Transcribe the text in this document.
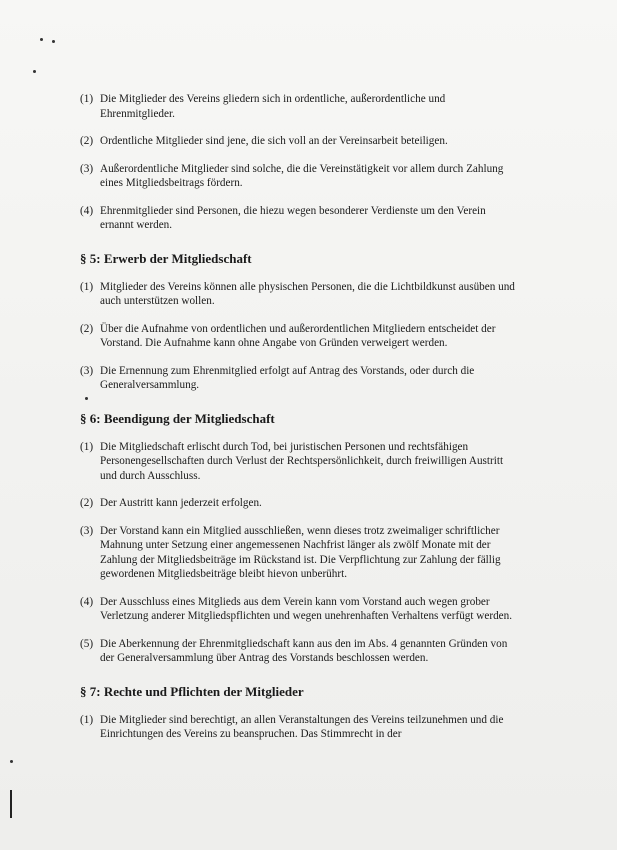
(1) Die Mitglieder des Vereins gliedern sich in ordentliche, außerordentliche und Ehrenmitglieder.
(2) Ordentliche Mitglieder sind jene, die sich voll an der Vereinsarbeit beteiligen.
(3) Außerordentliche Mitglieder sind solche, die die Vereinstätigkeit vor allem durch Zahlung eines Mitgliedsbeitrags fördern.
(4) Ehrenmitglieder sind Personen, die hiezu wegen besonderer Verdienste um den Verein ernannt werden.
§ 5: Erwerb der Mitgliedschaft
(1) Mitglieder des Vereins können alle physischen Personen, die die Lichtbildkunst ausüben und auch unterstützen wollen.
(2) Über die Aufnahme von ordentlichen und außerordentlichen Mitgliedern entscheidet der Vorstand. Die Aufnahme kann ohne Angabe von Gründen verweigert werden.
(3) Die Ernennung zum Ehrenmitglied erfolgt auf Antrag des Vorstands, oder durch die Generalversammlung.
§ 6: Beendigung der Mitgliedschaft
(1) Die Mitgliedschaft erlischt durch Tod, bei juristischen Personen und rechtsfähigen Personengesellschaften durch Verlust der Rechtspersönlichkeit, durch freiwilligen Austritt und durch Ausschluss.
(2) Der Austritt kann jederzeit erfolgen.
(3) Der Vorstand kann ein Mitglied ausschließen, wenn dieses trotz zweimaliger schriftlicher Mahnung unter Setzung einer angemessenen Nachfrist länger als zwölf Monate mit der Zahlung der Mitgliedsbeiträge im Rückstand ist. Die Verpflichtung zur Zahlung der fällig gewordenen Mitgliedsbeiträge bleibt hievon unberührt.
(4) Der Ausschluss eines Mitglieds aus dem Verein kann vom Vorstand auch wegen grober Verletzung anderer Mitgliedspflichten und wegen unehrenhaften Verhaltens verfügt werden.
(5) Die Aberkennung der Ehrenmitgliedschaft kann aus den im Abs. 4 genannten Gründen von der Generalversammlung über Antrag des Vorstands beschlossen werden.
§ 7: Rechte und Pflichten der Mitglieder
(1) Die Mitglieder sind berechtigt, an allen Veranstaltungen des Vereins teilzunehmen und die Einrichtungen des Vereins zu beanspruchen. Das Stimmrecht in der
